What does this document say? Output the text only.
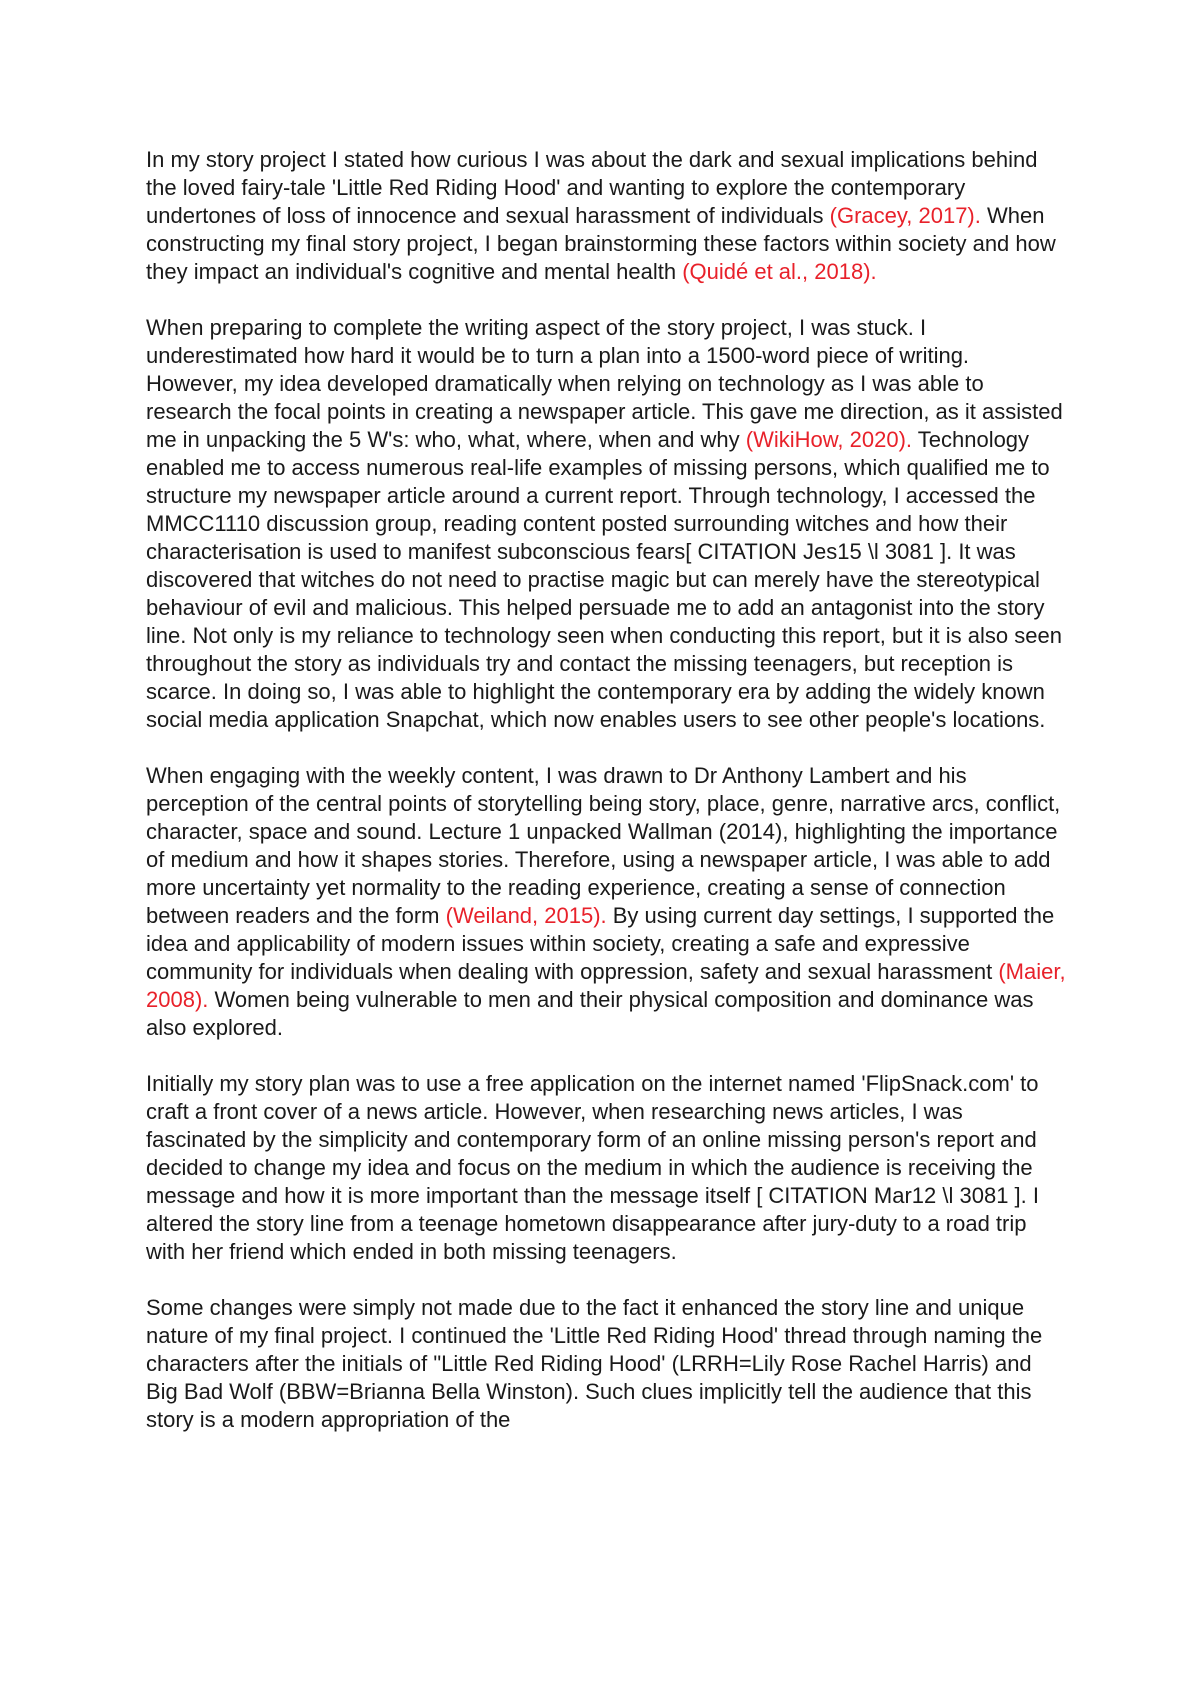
In my story project I stated how curious I was about the dark and sexual implications behind the loved fairy-tale 'Little Red Riding Hood' and wanting to explore the contemporary undertones of loss of innocence and sexual harassment of individuals (Gracey, 2017). When constructing my final story project, I began brainstorming these factors within society and how they impact an individual's cognitive and mental health (Quidé et al., 2018).

When preparing to complete the writing aspect of the story project, I was stuck. I underestimated how hard it would be to turn a plan into a 1500-word piece of writing. However, my idea developed dramatically when relying on technology as I was able to research the focal points in creating a newspaper article. This gave me direction, as it assisted me in unpacking the 5 W's: who, what, where, when and why (WikiHow, 2020). Technology enabled me to access numerous real-life examples of missing persons, which qualified me to structure my newspaper article around a current report. Through technology, I accessed the MMCC1110 discussion group, reading content posted surrounding witches and how their characterisation is used to manifest subconscious fears[ CITATION Jes15 \l 3081 ]. It was discovered that witches do not need to practise magic but can merely have the stereotypical behaviour of evil and malicious. This helped persuade me to add an antagonist into the story line. Not only is my reliance to technology seen when conducting this report, but it is also seen throughout the story as individuals try and contact the missing teenagers, but reception is scarce. In doing so, I was able to highlight the contemporary era by adding the widely known social media application Snapchat, which now enables users to see other people's locations.

When engaging with the weekly content, I was drawn to Dr Anthony Lambert and his perception of the central points of storytelling being story, place, genre, narrative arcs, conflict, character, space and sound. Lecture 1 unpacked Wallman (2014), highlighting the importance of medium and how it shapes stories. Therefore, using a newspaper article, I was able to add more uncertainty yet normality to the reading experience, creating a sense of connection between readers and the form (Weiland, 2015). By using current day settings, I supported the idea and applicability of modern issues within society, creating a safe and expressive community for individuals when dealing with oppression, safety and sexual harassment (Maier, 2008). Women being vulnerable to men and their physical composition and dominance was also explored.

Initially my story plan was to use a free application on the internet named 'FlipSnack.com' to craft a front cover of a news article. However, when researching news articles, I was fascinated by the simplicity and contemporary form of an online missing person's report and decided to change my idea and focus on the medium in which the audience is receiving the message and how it is more important than the message itself [ CITATION Mar12 \l 3081 ]. I altered the story line from a teenage hometown disappearance after jury-duty to a road trip with her friend which ended in both missing teenagers.

Some changes were simply not made due to the fact it enhanced the story line and unique nature of my final project. I continued the 'Little Red Riding Hood' thread through naming the characters after the initials of "Little Red Riding Hood' (LRRH=Lily Rose Rachel Harris) and Big Bad Wolf (BBW=Brianna Bella Winston). Such clues implicitly tell the audience that this story is a modern appropriation of the
